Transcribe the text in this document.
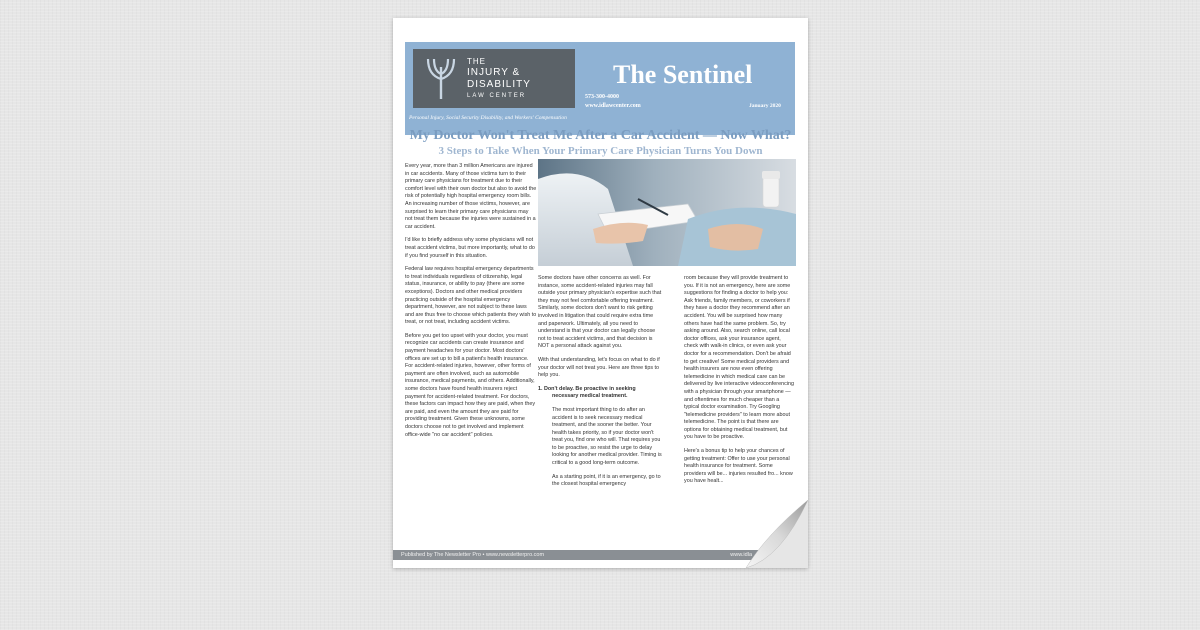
THE
INJURY &
DISABILITY
LAW CENTER
Personal Injury, Social Security Disability, and Workers' Compensation
The Sentinel
573-300-4000
www.idlawcenter.com	January 2020
My Doctor Won't Treat Me After a Car Accident — Now What?
3 Steps to Take When Your Primary Care Physician Turns You Down

Every year, more than 3 million Americans are injured in car accidents. Many of those victims turn to their primary care physicians for treatment due to their comfort level with their own doctor but also to avoid the risk of potentially high hospital emergency room bills. An increasing number of those victims, however, are surprised to learn their primary care physicians may not treat them because the injuries were sustained in a car accident.

I'd like to briefly address why some physicians will not treat accident victims, but more importantly, what to do if you find yourself in this situation.

Federal law requires hospital emergency departments to treat individuals regardless of citizenship, legal status, insurance, or ability to pay (there are some exceptions). Doctors and other medical providers practicing outside of the hospital emergency department, however, are not subject to these laws and are thus free to choose which patients they wish to treat, or not treat, including accident victims.

Before you get too upset with your doctor, you must recognize car accidents can create insurance and payment headaches for your doctor. Most doctors' offices are set up to bill a patient's health insurance. For accident-related injuries, however, other forms of payment are often involved, such as automobile insurance, medical payments, and others. Additionally, some doctors have found health insurers reject payment for accident-related treatment. For doctors, these factors can impact how they are paid, when they are paid, and even the amount they are paid for providing treatment. Given these unknowns, some doctors choose not to get involved and implement office-wide "no car accident" policies.

Some doctors have other concerns as well. For instance, some accident-related injuries may fall outside your primary physician's expertise such that they may not feel comfortable offering treatment. Similarly, some doctors don't want to risk getting involved in litigation that could require extra time and paperwork. Ultimately, all you need to understand is that your doctor can legally choose not to treat accident victims, and that decision is NOT a personal attack against you.

With that understanding, let's focus on what to do if your doctor will not treat you. Here are three tips to help you.

1. Don't delay. Be proactive in seeking necessary medical treatment.

The most important thing to do after an accident is to seek necessary medical treatment, and the sooner the better. Your health takes priority, so if your doctor won't treat you, find one who will. That requires you to be proactive, so resist the urge to delay looking for another medical provider. Timing is critical to a good long-term outcome.

As a starting point, if it is an emergency, go to the closest hospital emergency

room because they will provide treatment to you. If it is not an emergency, here are some suggestions for finding a doctor to help you: Ask friends, family members, or coworkers if they have a doctor they recommend after an accident. You will be surprised how many others have had the same problem. So, try asking around. Also, search online, call local doctor offices, ask your insurance agent, check with walk-in clinics, or even ask your doctor for a recommendation. Don't be afraid to get creative! Some medical providers and health insurers are now even offering telemedicine in which medical care can be delivered by live interactive videoconferencing with a physician through your smartphone — and oftentimes for much cheaper than a typical doctor examination. Try Googling "telemedicine providers" to learn more about telemedicine. The point is that there are options for obtaining medical treatment, but you have to be proactive.

Here's a bonus tip to help your chances of getting treatment: Offer to use your personal health insurance for treatment. Some providers will be... injuries resulted fro... know you have healt...

Published by The Newsletter Pro • www.newsletterpro.com	www.idla
